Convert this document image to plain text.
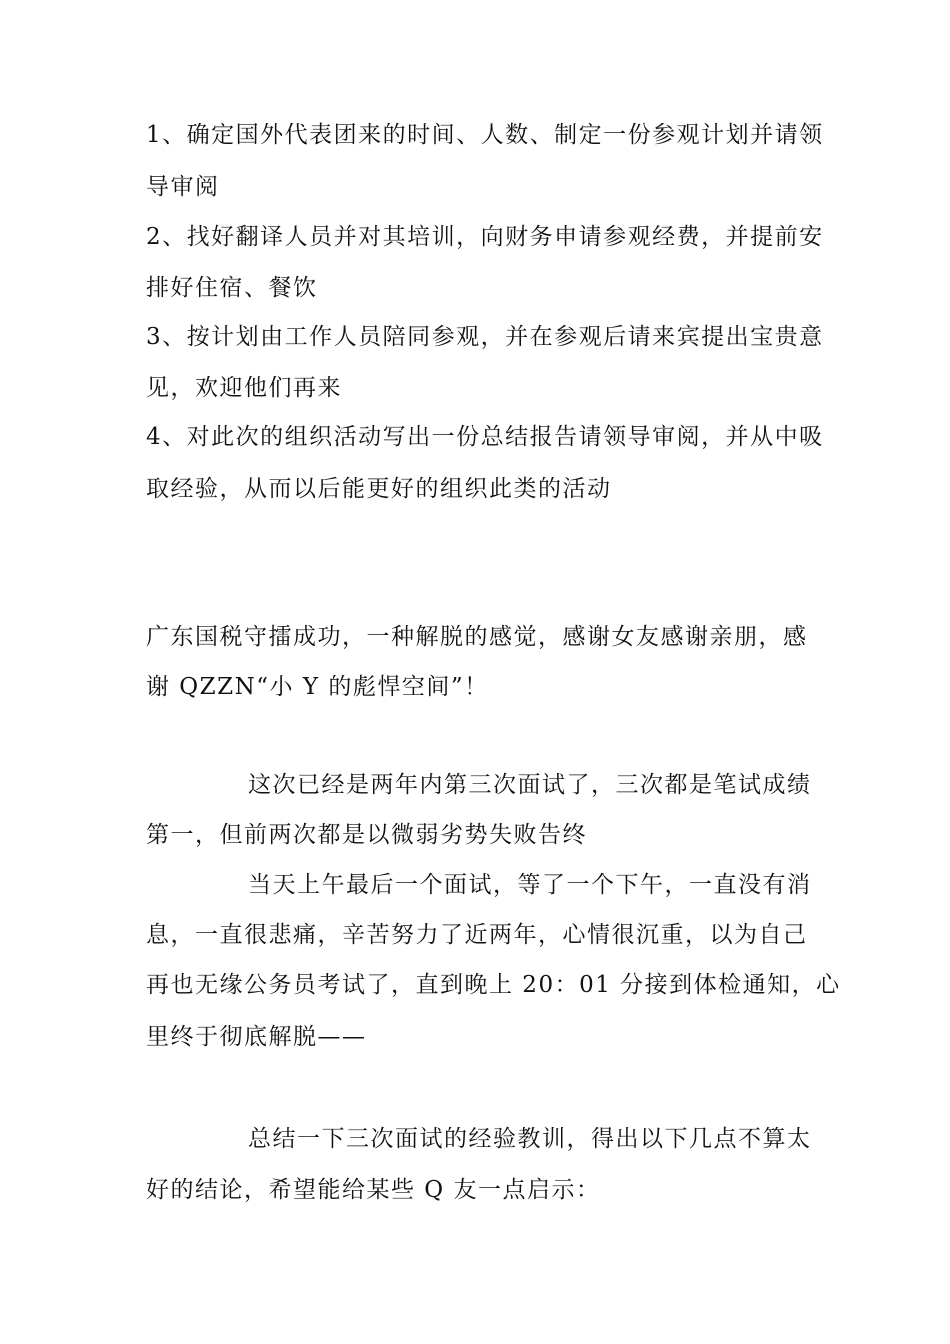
1、确定国外代表团来的时间、人数、制定一份参观计划并请领

导审阅

2、找好翻译人员并对其培训，向财务申请参观经费，并提前安

排好住宿、餐饮

3、按计划由工作人员陪同参观，并在参观后请来宾提出宝贵意

见，欢迎他们再来

4、对此次的组织活动写出一份总结报告请领导审阅，并从中吸

取经验，从而以后能更好的组织此类的活动

广东国税守擂成功，一种解脱的感觉，感谢女友感谢亲朋，感

谢 QZZN“小 Y 的彪悍空间”！

这次已经是两年内第三次面试了，三次都是笔试成绩

第一，但前两次都是以微弱劣势失败告终

当天上午最后一个面试，等了一个下午，一直没有消

息，一直很悲痛，辛苦努力了近两年，心情很沉重，以为自己

再也无缘公务员考试了，直到晚上 20：01 分接到体检通知，心

里终于彻底解脱——

总结一下三次面试的经验教训，得出以下几点不算太

好的结论，希望能给某些 Q 友一点启示：
